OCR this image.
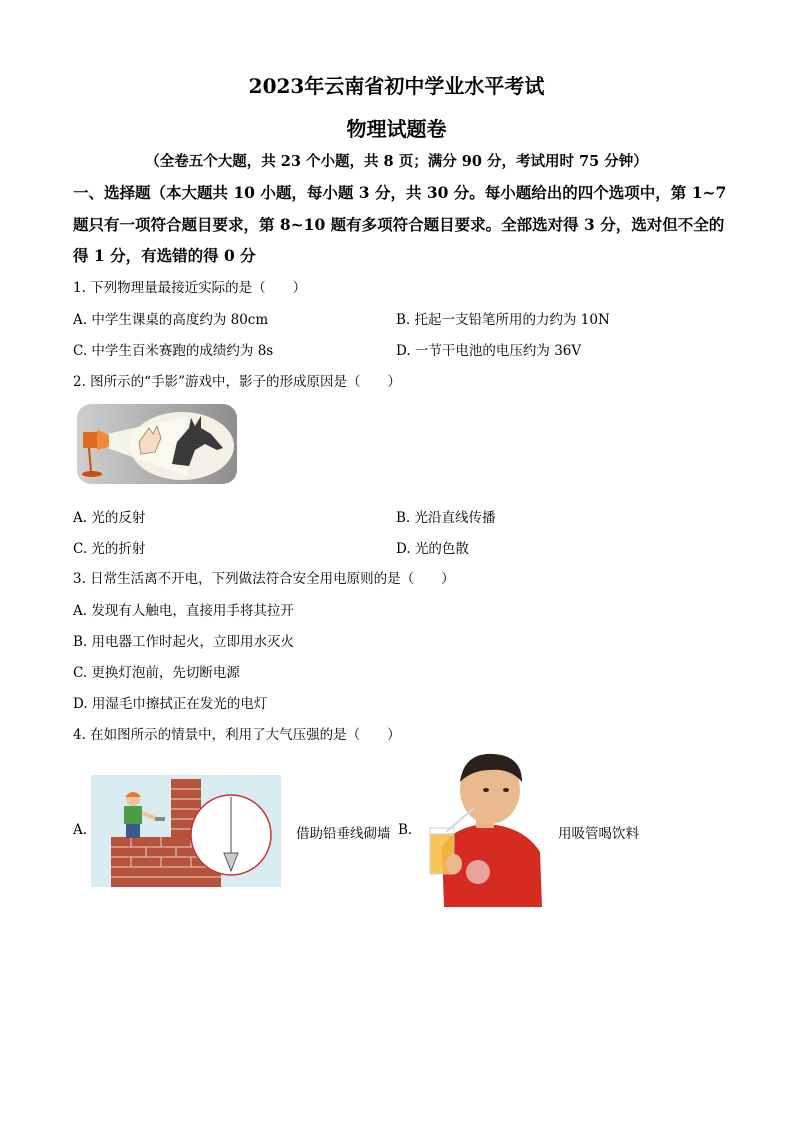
2023年云南省初中学业水平考试
物理试题卷
（全卷五个大题，共 23 个小题，共 8 页；满分 90 分，考试用时 75 分钟）
一、选择题（本大题共 10 小题，每小题 3 分，共 30 分。每小题给出的四个选项中，第 1~7
题只有一项符合题目要求，第 8~10 题有多项符合题目要求。全部选对得 3 分，选对但不全的
得 1 分，有选错的得 0 分
1. 下列物理量最接近实际的是（　　）
A. 中学生课桌的高度约为 80cm	B. 托起一支铅笔所用的力约为 10N
C. 中学生百米赛跑的成绩约为 8s	D. 一节干电池的电压约为 36V
2. 图所示的“手影”游戏中，影子的形成原因是（　　）
A. 光的反射	B. 光沿直线传播
C. 光的折射	D. 光的色散
3. 日常生活离不开电，下列做法符合安全用电原则的是（　　）
A. 发现有人触电，直接用手将其拉开
B. 用电器工作时起火，立即用水灭火
C. 更换灯泡前，先切断电源
D. 用湿毛巾擦拭正在发光的电灯
4. 在如图所示的情景中，利用了大气压强的是（　　）
A.	借助铅垂线砌墙 B.	用吸管喝饮料
